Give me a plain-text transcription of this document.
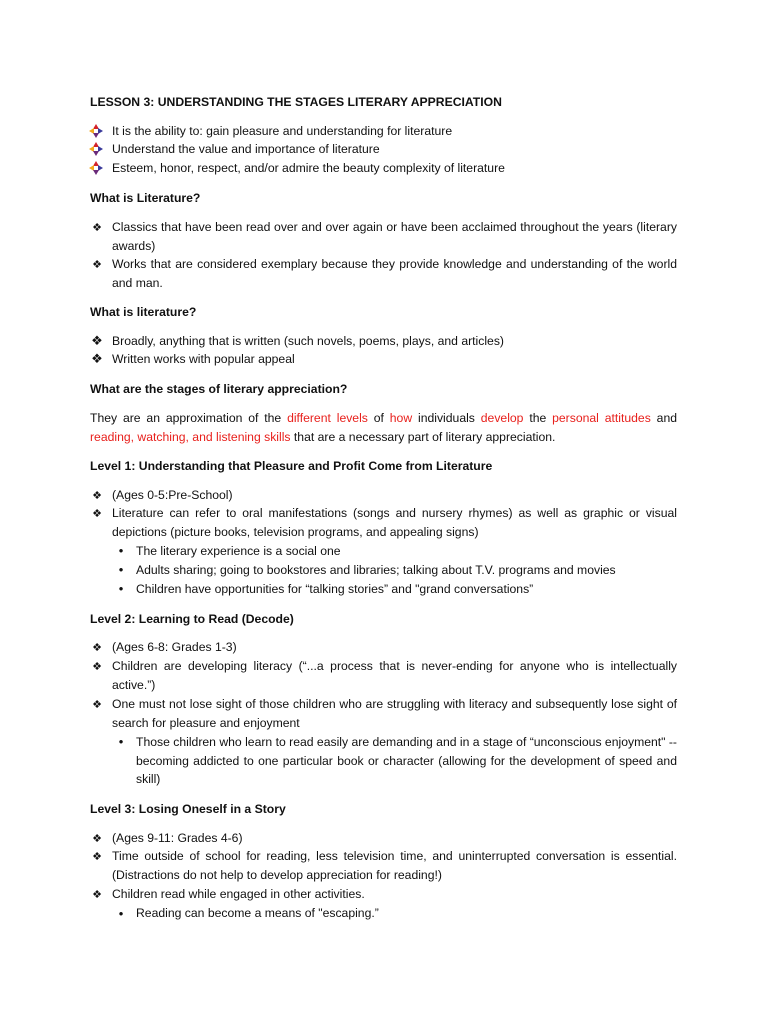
LESSON 3: UNDERSTANDING THE STAGES LITERARY APPRECIATION
It is the ability to: gain pleasure and understanding for literature
Understand the value and importance of literature
Esteem, honor, respect, and/or admire the beauty complexity of literature
What is Literature?
❖ Classics that have been read over and over again or have been acclaimed throughout the years (literary awards)
❖ Works that are considered exemplary because they provide knowledge and understanding of the world and man.
What is literature?
❖ Broadly, anything that is written (such novels, poems, plays, and articles)
❖ Written works with popular appeal
What are the stages of literary appreciation?
They are an approximation of the different levels of how individuals develop the personal attitudes and reading, watching, and listening skills that are a necessary part of literary appreciation.
Level 1: Understanding that Pleasure and Profit Come from Literature
❖ (Ages 0-5:Pre-School)
❖ Literature can refer to oral manifestations (songs and nursery rhymes) as well as graphic or visual depictions (picture books, television programs, and appealing signs)
•	The literary experience is a social one
•	Adults sharing; going to bookstores and libraries; talking about T.V. programs and movies
•	Children have opportunities for “talking stories” and "grand conversations”
Level 2: Learning to Read (Decode)
❖ (Ages 6-8: Grades 1-3)
❖ Children are developing literacy (“...a process that is never-ending for anyone who is intellectually active.”)
❖ One must not lose sight of those children who are struggling with literacy and subsequently lose sight of search for pleasure and enjoyment
•	Those children who learn to read easily are demanding and in a stage of “unconscious enjoyment" --becoming addicted to one particular book or character (allowing for the development of speed and skill)
Level 3: Losing Oneself in a Story
❖ (Ages 9-11: Grades 4-6)
❖ Time outside of school for reading, less television time, and uninterrupted conversation is essential. (Distractions do not help to develop appreciation for reading!)
❖ Children read while engaged in other activities.
•	Reading can become a means of "escaping.”
